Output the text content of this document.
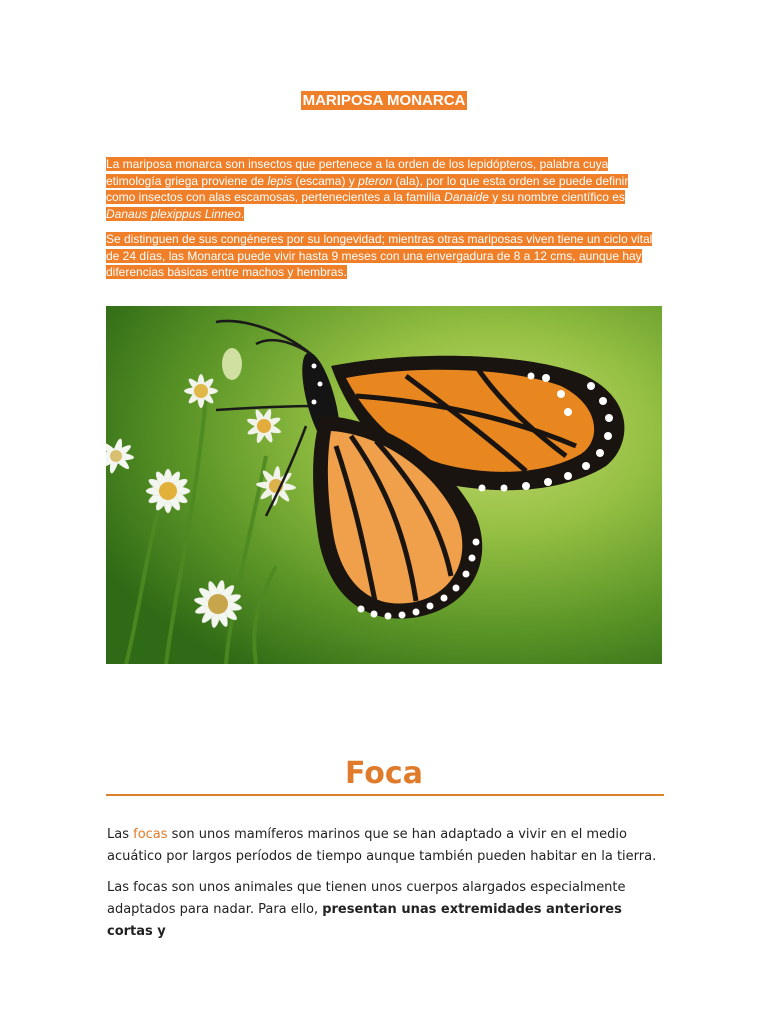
MARIPOSA MONARCA
La mariposa monarca son insectos que pertenece a la orden de los lepidópteros, palabra cuya etimología griega proviene de lepis (escama) y pteron (ala), por lo que esta orden se puede definir como insectos con alas escamosas, pertenecientes a la familia Danaide y su nombre científico es Danaus plexippus Linneo.
Se distinguen de sus congéneres por su longevidad; mientras otras mariposas viven tiene un ciclo vital de 24 días, las Monarca puede vivir hasta 9 meses con una envergadura de 8 a 12 cms, aunque hay diferencias básicas entre machos y hembras.
Foca
Las focas son unos mamíferos marinos que se han adaptado a vivir en el medio acuático por largos períodos de tiempo aunque también pueden habitar en la tierra.
Las focas son unos animales que tienen unos cuerpos alargados especialmente adaptados para nadar. Para ello, presentan unas extremidades anteriores cortas y
